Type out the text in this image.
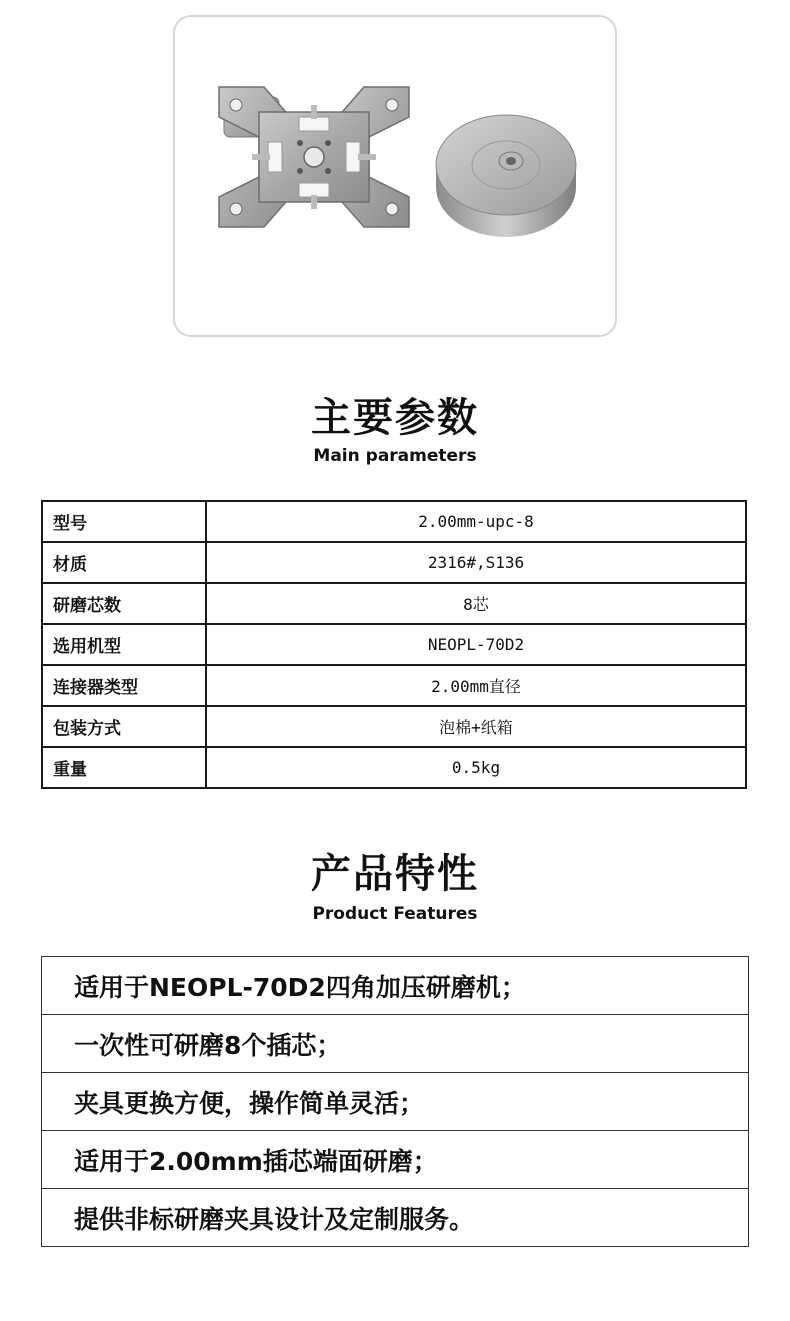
主要参数
Main parameters
型号	2.00mm-upc-8
材质	2316#,S136
研磨芯数	8芯
选用机型	NEOPL-70D2
连接器类型	2.00mm直径
包装方式	泡棉+纸箱
重量	0.5kg
产品特性
Product Features
适用于NEOPL-70D2四角加压研磨机；
一次性可研磨8个插芯；
夹具更换方便，操作简单灵活；
适用于2.00mm插芯端面研磨；
提供非标研磨夹具设计及定制服务。
